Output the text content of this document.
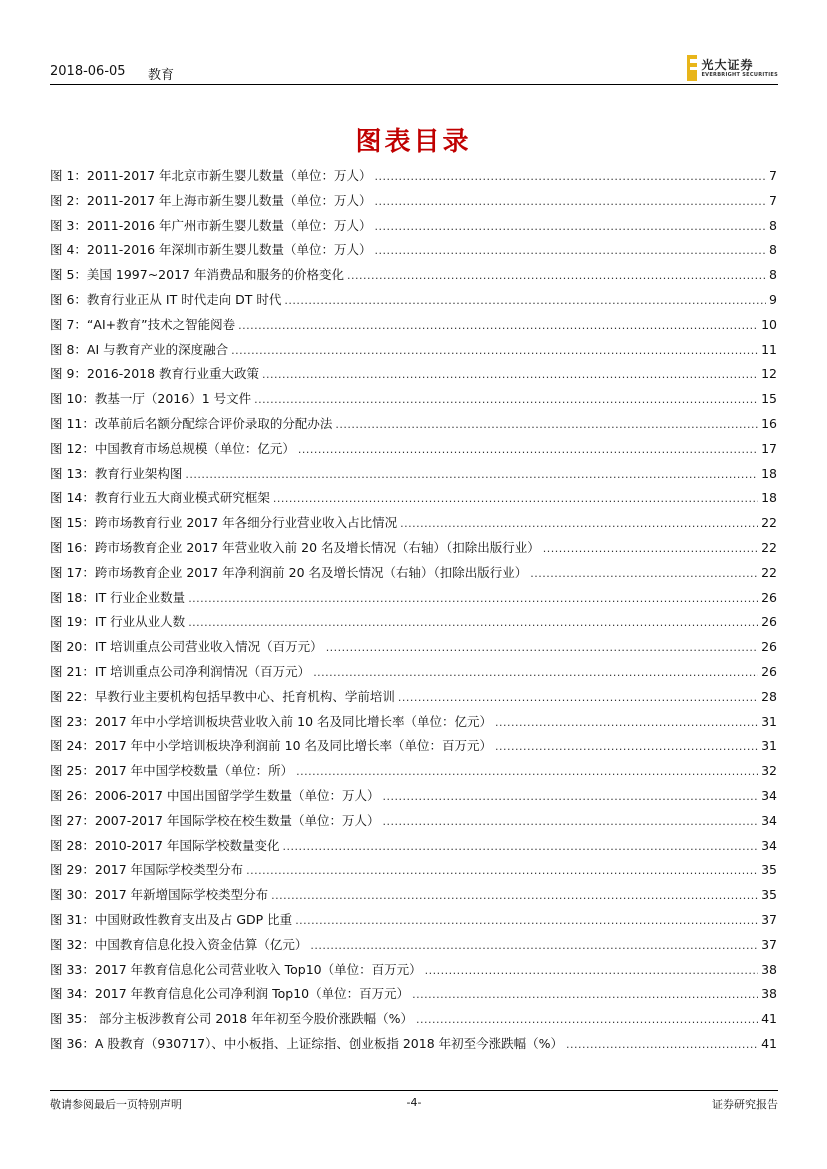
2018-06-05 教育
光大证券
EVERBRIGHT SECURITIES
图表目录
图 1：2011-2017 年北京市新生婴儿数量（单位：万人） .....	7
图 2：2011-2017 年上海市新生婴儿数量（单位：万人） .....	7
图 3：2011-2016 年广州市新生婴儿数量（单位：万人） .....	8
图 4：2011-2016 年深圳市新生婴儿数量（单位：万人） .....	8
图 5：美国 1997~2017 年消费品和服务的价格变化 .....	8
图 6：教育行业正从 IT 时代走向 DT 时代 .....	9
图 7：“AI+教育”技术之智能阅卷 .....	10
图 8：AI 与教育产业的深度融合 .....	11
图 9：2016-2018 教育行业重大政策 .....	12
图 10：教基一厅（2016）1 号文件 .....	15
图 11：改革前后名额分配综合评价录取的分配办法 .....	16
图 12：中国教育市场总规模（单位：亿元） .....	17
图 13：教育行业架构图 .....	18
图 14：教育行业五大商业模式研究框架 .....	18
图 15：跨市场教育行业 2017 年各细分行业营业收入占比情况 .....	22
图 16：跨市场教育企业 2017 年营业收入前 20 名及增长情况（右轴）（扣除出版行业） .....	22
图 17：跨市场教育企业 2017 年净利润前 20 名及增长情况（右轴）（扣除出版行业） .....	22
图 18：IT 行业企业数量 .....	26
图 19：IT 行业从业人数 .....	26
图 20：IT 培训重点公司营业收入情况（百万元） .....	26
图 21：IT 培训重点公司净利润情况（百万元） .....	26
图 22：早教行业主要机构包括早教中心、托育机构、学前培训 .....	28
图 23：2017 年中小学培训板块营业收入前 10 名及同比增长率（单位：亿元） .....	31
图 24：2017 年中小学培训板块净利润前 10 名及同比增长率（单位：百万元） .....	31
图 25：2017 年中国学校数量（单位：所） .....	32
图 26：2006-2017 中国出国留学学生数量（单位：万人） .....	34
图 27：2007-2017 年国际学校在校生数量（单位：万人） .....	34
图 28：2010-2017 年国际学校数量变化 .....	34
图 29：2017 年国际学校类型分布 .....	35
图 30：2017 年新增国际学校类型分布 .....	35
图 31：中国财政性教育支出及占 GDP 比重 .....	37
图 32：中国教育信息化投入资金估算（亿元） .....	37
图 33：2017 年教育信息化公司营业收入 Top10（单位：百万元） .....	38
图 34：2017 年教育信息化公司净利润 Top10（单位：百万元） .....	38
图 35： 部分主板涉教育公司 2018 年年初至今股价涨跌幅（%） .....	41
图 36：A 股教育（930717）、中小板指、上证综指、创业板指 2018 年初至今涨跌幅（%） .....	41
敬请参阅最后一页特别声明	-4-	证券研究报告
